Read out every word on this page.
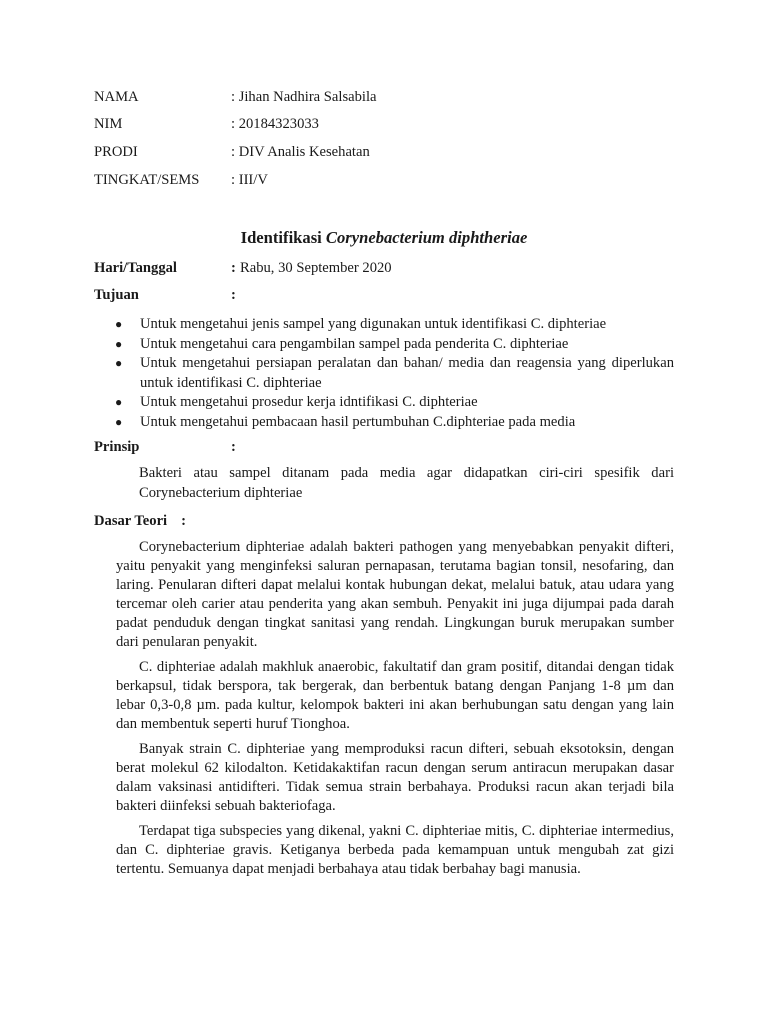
NAMA	: Jihan Nadhira Salsabila
NIM	: 20184323033
PRODI	: DIV Analis Kesehatan
TINGKAT/SEMS : III/V
Identifikasi Corynebacterium diphtheriae
Hari/Tanggal	: Rabu, 30 September 2020
Tujuan	:
● Untuk mengetahui jenis sampel yang digunakan untuk identifikasi C. diphteriae
● Untuk mengetahui cara pengambilan sampel pada penderita C. diphteriae
● Untuk mengetahui persiapan peralatan dan bahan/ media dan reagensia yang diperlukan untuk identifikasi C. diphteriae
● Untuk mengetahui prosedur kerja idntifikasi C. diphteriae
● Untuk mengetahui pembacaan hasil pertumbuhan C.diphteriae pada media
Prinsip	:

Bakteri atau sampel ditanam pada media agar didapatkan ciri-ciri spesifik dari Corynebacterium diphteriae

Dasar Teori :

Corynebacterium diphteriae adalah bakteri pathogen yang menyebabkan penyakit difteri, yaitu penyakit yang menginfeksi saluran pernapasan, terutama bagian tonsil, nesofaring, dan laring. Penularan difteri dapat melalui kontak hubungan dekat, melalui batuk, atau udara yang tercemar oleh carier atau penderita yang akan sembuh. Penyakit ini juga dijumpai pada darah padat penduduk dengan tingkat sanitasi yang rendah. Lingkungan buruk merupakan sumber dari penularan penyakit.

C. diphteriae adalah makhluk anaerobic, fakultatif dan gram positif, ditandai dengan tidak berkapsul, tidak berspora, tak bergerak, dan berbentuk batang dengan Panjang 1-8 µm dan lebar 0,3-0,8 µm. pada kultur, kelompok bakteri ini akan berhubungan satu dengan yang lain dan membentuk seperti huruf Tionghoa.

Banyak strain C. diphteriae yang memproduksi racun difteri, sebuah eksotoksin, dengan berat molekul 62 kilodalton. Ketidakaktifan racun dengan serum antiracun merupakan dasar dalam vaksinasi antidifteri. Tidak semua strain berbahaya. Produksi racun akan terjadi bila bakteri diinfeksi sebuah bakteriofaga.

Terdapat tiga subspecies yang dikenal, yakni C. diphteriae mitis, C. diphteriae intermedius, dan C. diphteriae gravis. Ketiganya berbeda pada kemampuan untuk mengubah zat gizi tertentu. Semuanya dapat menjadi berbahaya atau tidak berbahay bagi manusia.
